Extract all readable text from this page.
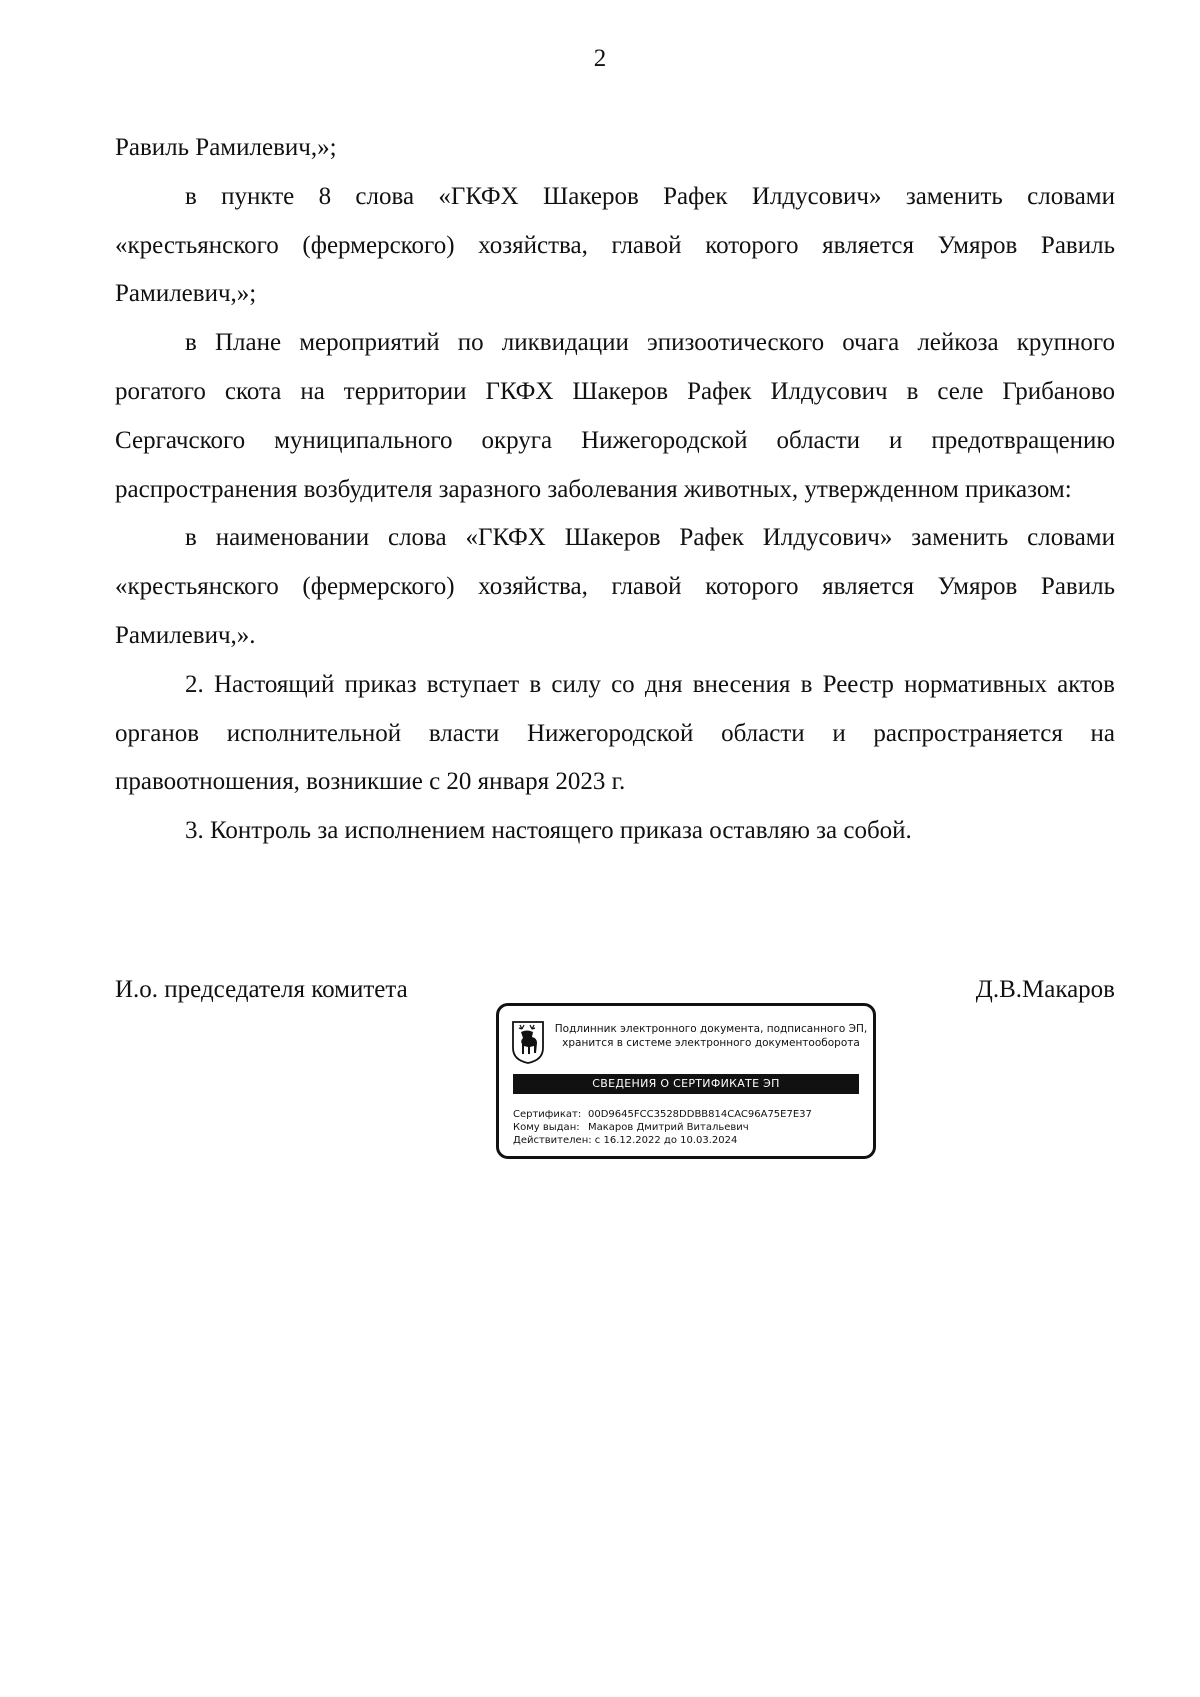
2

Равиль Рамилевич,»;

в пункте 8 слова «ГКФХ Шакеров Рафек Илдусович» заменить словами «крестьянского (фермерского) хозяйства, главой которого является Умяров Равиль Рамилевич,»;

в Плане мероприятий по ликвидации эпизоотического очага лейкоза крупного рогатого скота на территории ГКФХ Шакеров Рафек Илдусович в селе Грибаново Сергачского муниципального округа Нижегородской области и предотвращению распространения возбудителя заразного заболевания животных, утвержденном приказом:

в наименовании слова «ГКФХ Шакеров Рафек Илдусович» заменить словами «крестьянского (фермерского) хозяйства, главой которого является Умяров Равиль Рамилевич,».

2. Настоящий приказ вступает в силу со дня внесения в Реестр нормативных актов органов исполнительной власти Нижегородской области и распространяется на правоотношения, возникшие с 20 января 2023 г.

3. Контроль за исполнением настоящего приказа оставляю за собой.

И.о. председателя комитета	Д.В.Макаров
Подлинник электронного документа, подписанного ЭП,
хранится в системе электронного документооборота
СВЕДЕНИЯ О СЕРТИФИКАТЕ ЭП
Сертификат: 00D9645FCC3528DDBB814CAC96A75E7E37
Кому выдан: Макаров Дмитрий Витальевич
Действителен: с 16.12.2022 до 10.03.2024
